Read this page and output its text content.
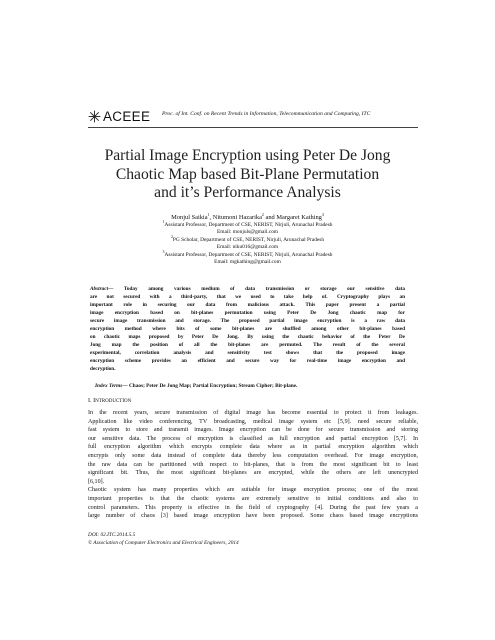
ACEEE Proc. of Int. Conf. on Recent Trends in Information, Telecommunication and Computing, ITC
Partial Image Encryption using Peter De Jong
Chaotic Map based Bit-Plane Permutation
and it’s Performance Analysis
Monjul Saikia$^1$, Nitumoni Hazarika$^2$ and Margaret Kathing$^3$
$^1$Assistant Professor, Department of CSE, NERIST, Nirjuli, Arunachal Pradesh
Email: monjuls@gmail.com
$^2$PG Scholar, Department of CSE, NERIST, Nirjuli, Arunachal Pradesh
Email: niku016@gmail.com
$^3$Assistant Professor, Department of CSE, NERIST, Nirjuli, Arunachal Pradesh
Email: mgkathing@gmail.com
Abstract— Today among various medium of data transmission or storage our sensitive data
are not secured with a third-party, that we used to take help of. Cryptography plays an
important role in securing our data from malicious attack. This paper present a partial
image encryption based on bit-planes permutation using Peter De Jong chaotic map for
secure image transmission and storage. The proposed partial image encryption is a raw data
encryption method where bits of some bit-planes are shuffled among other bit-planes based
on chaotic maps proposed by Peter De Jong. By using the chaotic behavior of the Peter De
Jong map the position of all the bit-planes are permuted. The result of the several
experimental, correlation analysis and sensitivity test shows that the proposed image
encryption scheme provides an efficient and secure way for real-time image encryption and
decryption.
Index Terms— Chaos; Peter De Jong Map; Partial Encryption; Stream Cipher; Bit-plane.
I. INTRODUCTION
In the recent years, secure transmission of digital image has become essential to protect it from leakages.
Application like video conferencing, TV broadcasting, medical image system etc [5,9]. need secure reliable,
fast system to store and transmit images. Image encryption can be done for secure transmission and storing
our sensitive data. The process of encryption is classified as full encryption and partial encryption [5,7]. In
full encryption algorithm which encrypts complete data where as in partial encryption algorithm which
encrypts only some data instead of complete data thereby less computation overhead. For image encryption,
the raw data can be partitioned with respect to bit-planes, that is from the most significant bit to least
significant bit. Thus, the most significant bit-planes are encrypted, while the others are left unencrypted
[6,10].
Chaotic system has many properties which are suitable for image encryption process; one of the most
important properties is that the chaotic systems are extremely sensitive to initial conditions and also to
control parameters. This property is effective in the field of cryptography [4]. During the past few years a
large number of chaos [3] based image encryption have been proposed. Some chaos based image encryptions
DOI: 02.ITC.2014.5.5
© Association of Computer Electronics and Electrical Engineers, 2014
